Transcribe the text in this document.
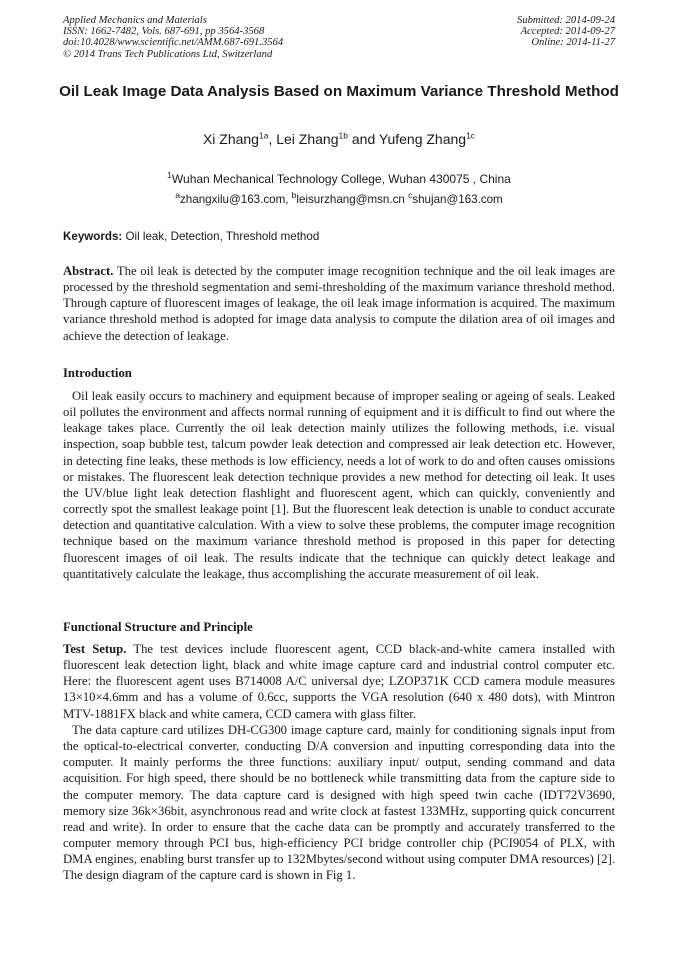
Applied Mechanics and Materials
ISSN: 1662-7482, Vols. 687-691, pp 3564-3568
doi:10.4028/www.scientific.net/AMM.687-691.3564
© 2014 Trans Tech Publications Ltd, Switzerland
Submitted: 2014-09-24
Accepted: 2014-09-27
Online: 2014-11-27
Oil Leak Image Data Analysis Based on Maximum Variance Threshold Method
Xi Zhang$^{1a}$, Lei Zhang$^{1b}$ and Yufeng Zhang$^{1c}$
$^1$Wuhan Mechanical Technology College, Wuhan 430075 , China
$^a$zhangxilu@163.com, $^b$leisurzhang@msn.cn $^c$shujan@163.com
Keywords: Oil leak, Detection, Threshold method

Abstract. The oil leak is detected by the computer image recognition technique and the oil leak images are processed by the threshold segmentation and semi-thresholding of the maximum variance threshold method. Through capture of fluorescent images of leakage, the oil leak image information is acquired. The maximum variance threshold method is adopted for image data analysis to compute the dilation area of oil images and achieve the detection of leakage.

Introduction

Oil leak easily occurs to machinery and equipment because of improper sealing or ageing of seals. Leaked oil pollutes the environment and affects normal running of equipment and it is difficult to find out where the leakage takes place. Currently the oil leak detection mainly utilizes the following methods, i.e. visual inspection, soap bubble test, talcum powder leak detection and compressed air leak detection etc. However, in detecting fine leaks, these methods is low efficiency, needs a lot of work to do and often causes omissions or mistakes. The fluorescent leak detection technique provides a new method for detecting oil leak. It uses the UV/blue light leak detection flashlight and fluorescent agent, which can quickly, conveniently and correctly spot the smallest leakage point [1]. But the fluorescent leak detection is unable to conduct accurate detection and quantitative calculation. With a view to solve these problems, the computer image recognition technique based on the maximum variance threshold method is proposed in this paper for detecting fluorescent images of oil leak. The results indicate that the technique can quickly detect leakage and quantitatively calculate the leakage, thus accomplishing the accurate measurement of oil leak.

Functional Structure and Principle

Test Setup. The test devices include fluorescent agent, CCD black-and-white camera installed with fluorescent leak detection light, black and white image capture card and industrial control computer etc. Here: the fluorescent agent uses B714008 A/C universal dye; LZOP371K CCD camera module measures 13×10×4.6mm and has a volume of 0.6cc, supports the VGA resolution (640 x 480 dots), with Mintron MTV-1881FX black and white camera, CCD camera with glass filter.

The data capture card utilizes DH-CG300 image capture card, mainly for conditioning signals input from the optical-to-electrical converter, conducting D/A conversion and inputting corresponding data into the computer. It mainly performs the three functions: auxiliary input/ output, sending command and data acquisition. For high speed, there should be no bottleneck while transmitting data from the capture side to the computer memory. The data capture card is designed with high speed twin cache (IDT72V3690, memory size 36k×36bit, asynchronous read and write clock at fastest 133MHz, supporting quick concurrent read and write). In order to ensure that the cache data can be promptly and accurately transferred to the computer memory through PCI bus, high-efficiency PCI bridge controller chip (PCI9054 of PLX, with DMA engines, enabling burst transfer up to 132Mbytes/second without using computer DMA resources) [2]. The design diagram of the capture card is shown in Fig 1.
